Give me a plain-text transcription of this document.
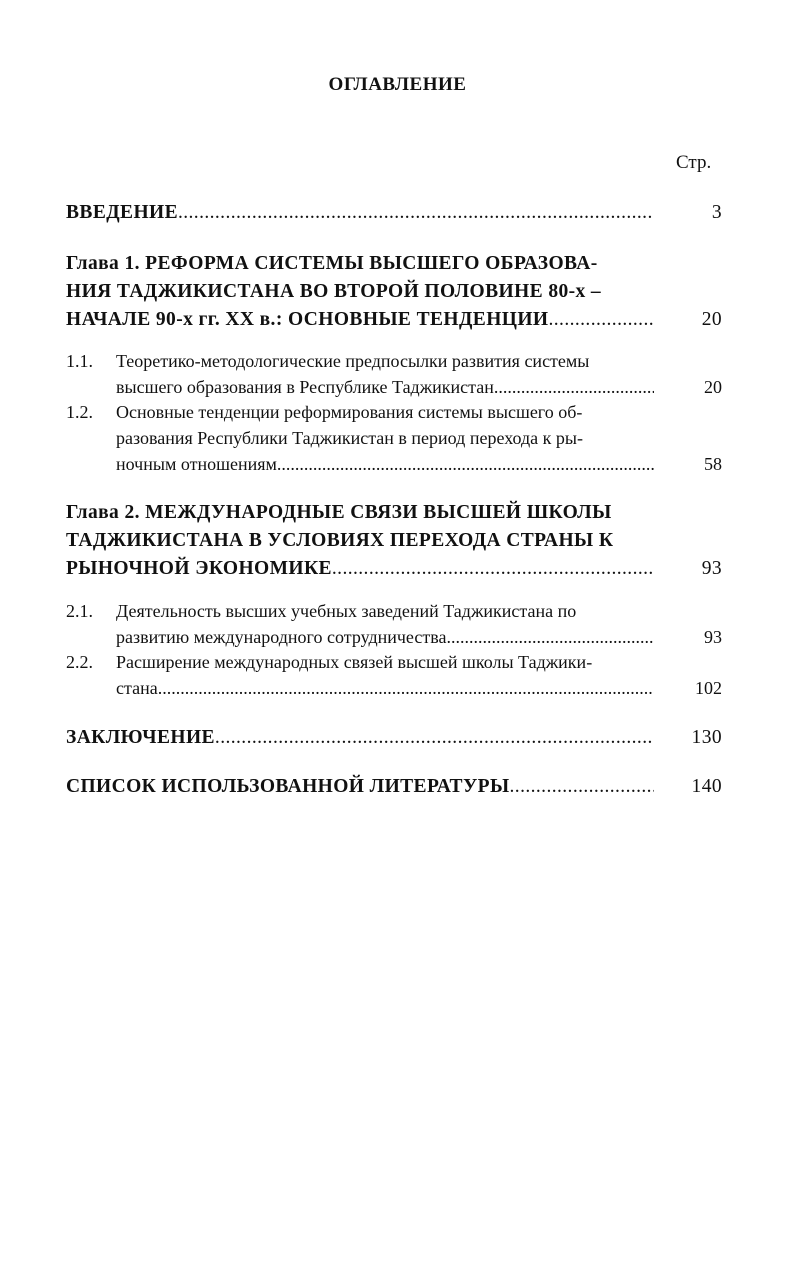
ОГЛАВЛЕНИЕ
Стр.
ВВЕДЕНИЕ .....	3
Глава 1. РЕФОРМА СИСТЕМЫ ВЫСШЕГО ОБРАЗОВА-
НИЯ ТАДЖИКИСТАНА ВО ВТОРОЙ ПОЛОВИНЕ 80-х –
НАЧАЛЕ 90-х гг. XX в.: ОСНОВНЫЕ ТЕНДЕНЦИИ .....	20
1.1.	Теоретико-методологические предпосылки развития системы
высшего образования в Республике Таджикистан .....	20
1.2.	Основные тенденции реформирования системы высшего об-
разования Республики Таджикистан в период перехода к ры-
ночным отношениям .....	58
Глава 2. МЕЖДУНАРОДНЫЕ СВЯЗИ ВЫСШЕЙ ШКОЛЫ
ТАДЖИКИСТАНА В УСЛОВИЯХ ПЕРЕХОДА СТРАНЫ К
РЫНОЧНОЙ ЭКОНОМИКЕ .....	93
2.1.	Деятельность высших учебных заведений Таджикистана по
развитию международного сотрудничества .....	93
2.2.	Расширение международных связей высшей школы Таджики-
стана .....	102
ЗАКЛЮЧЕНИЕ .....	130
СПИСОК ИСПОЛЬЗОВАННОЙ ЛИТЕРАТУРЫ .....	140
